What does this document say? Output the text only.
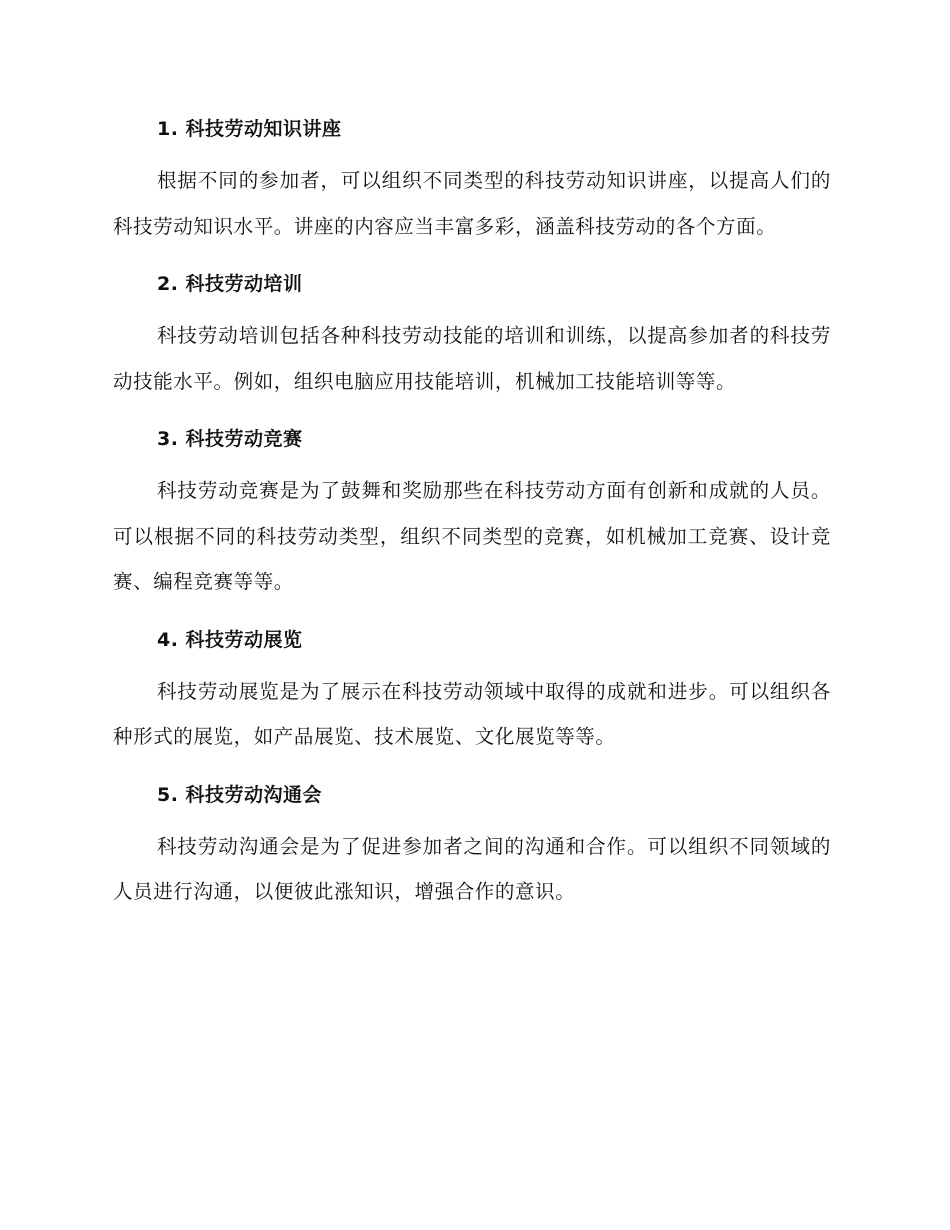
1. 科技劳动知识讲座

根据不同的参加者，可以组织不同类型的科技劳动知识讲座，以提高人们的科技劳动知识水平。讲座的内容应当丰富多彩，涵盖科技劳动的各个方面。

2. 科技劳动培训

科技劳动培训包括各种科技劳动技能的培训和训练，以提高参加者的科技劳动技能水平。例如，组织电脑应用技能培训，机械加工技能培训等等。

3. 科技劳动竞赛

科技劳动竞赛是为了鼓舞和奖励那些在科技劳动方面有创新和成就的人员。可以根据不同的科技劳动类型，组织不同类型的竞赛，如机械加工竞赛、设计竞赛、编程竞赛等等。

4. 科技劳动展览

科技劳动展览是为了展示在科技劳动领域中取得的成就和进步。可以组织各种形式的展览，如产品展览、技术展览、文化展览等等。

5. 科技劳动沟通会

科技劳动沟通会是为了促进参加者之间的沟通和合作。可以组织不同领域的人员进行沟通，以便彼此涨知识，增强合作的意识。
